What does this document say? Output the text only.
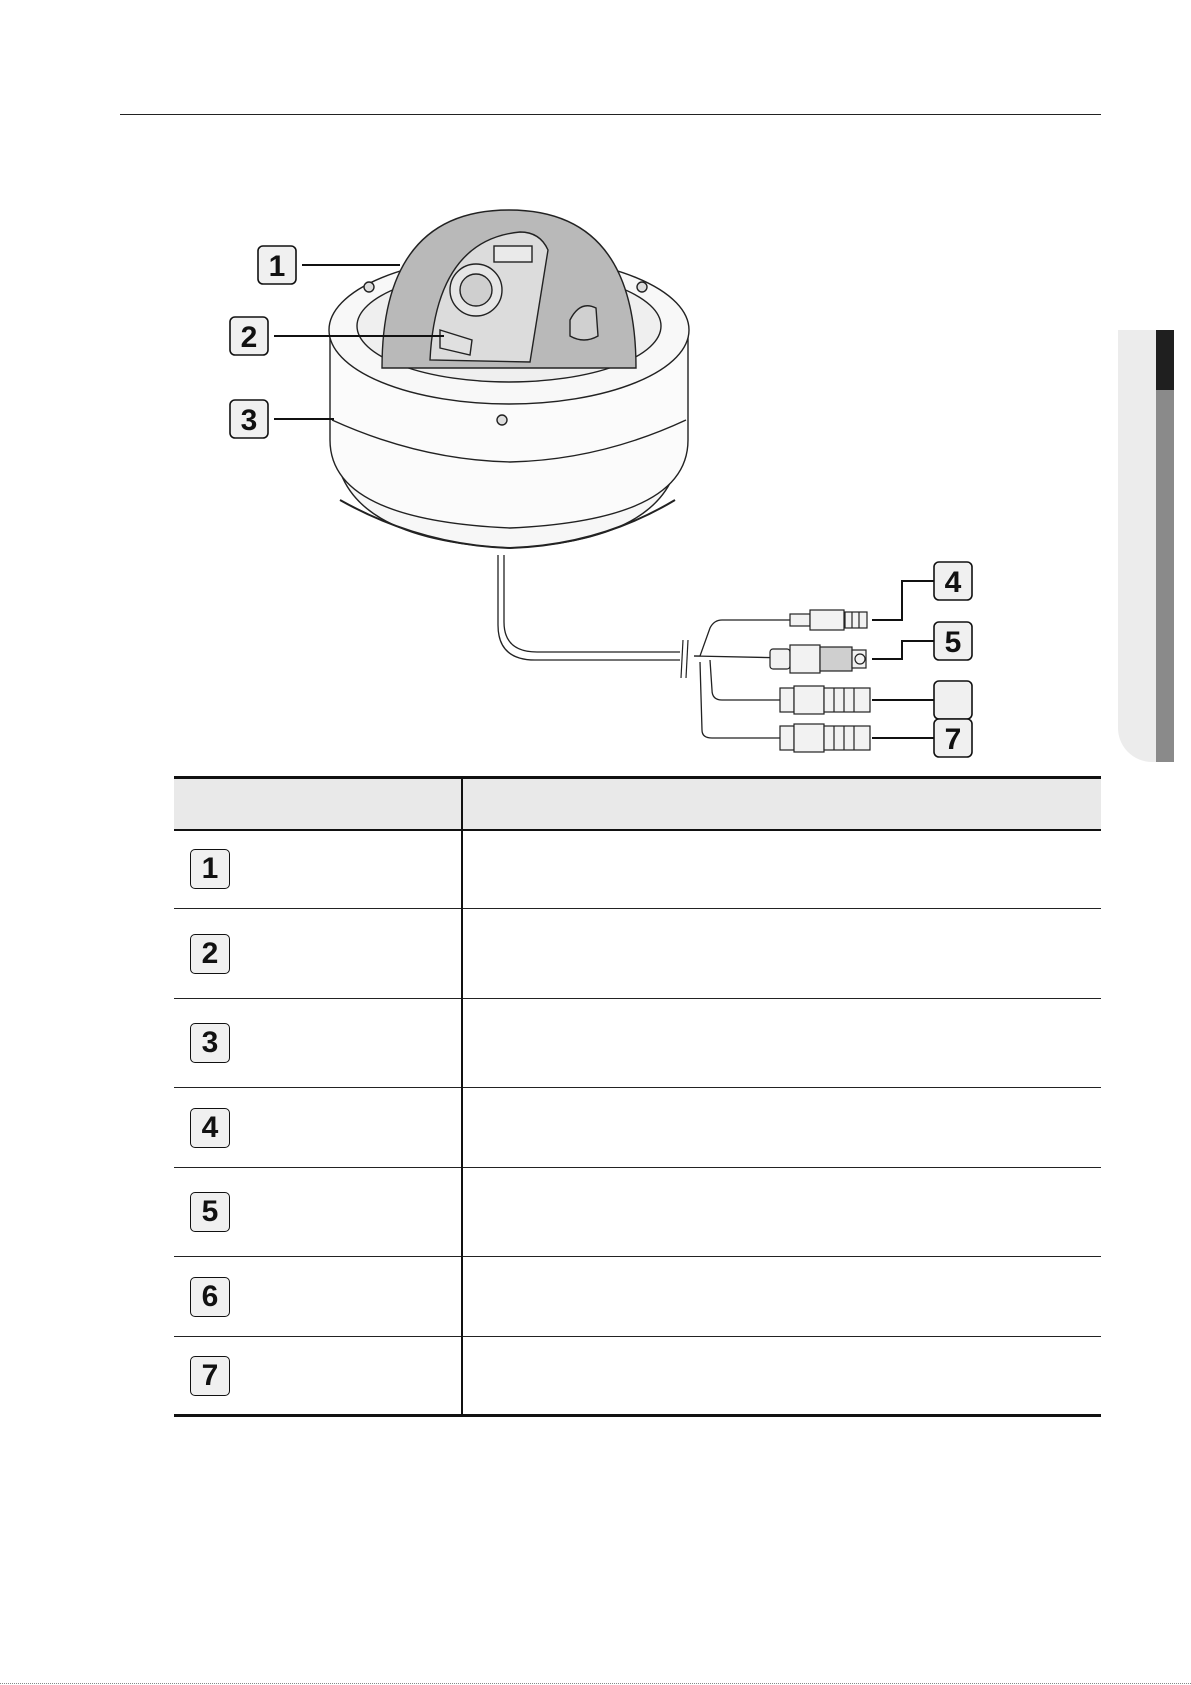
1
2
3
4
5
7

1	
2	
3	
4	
5	
6	
7	
